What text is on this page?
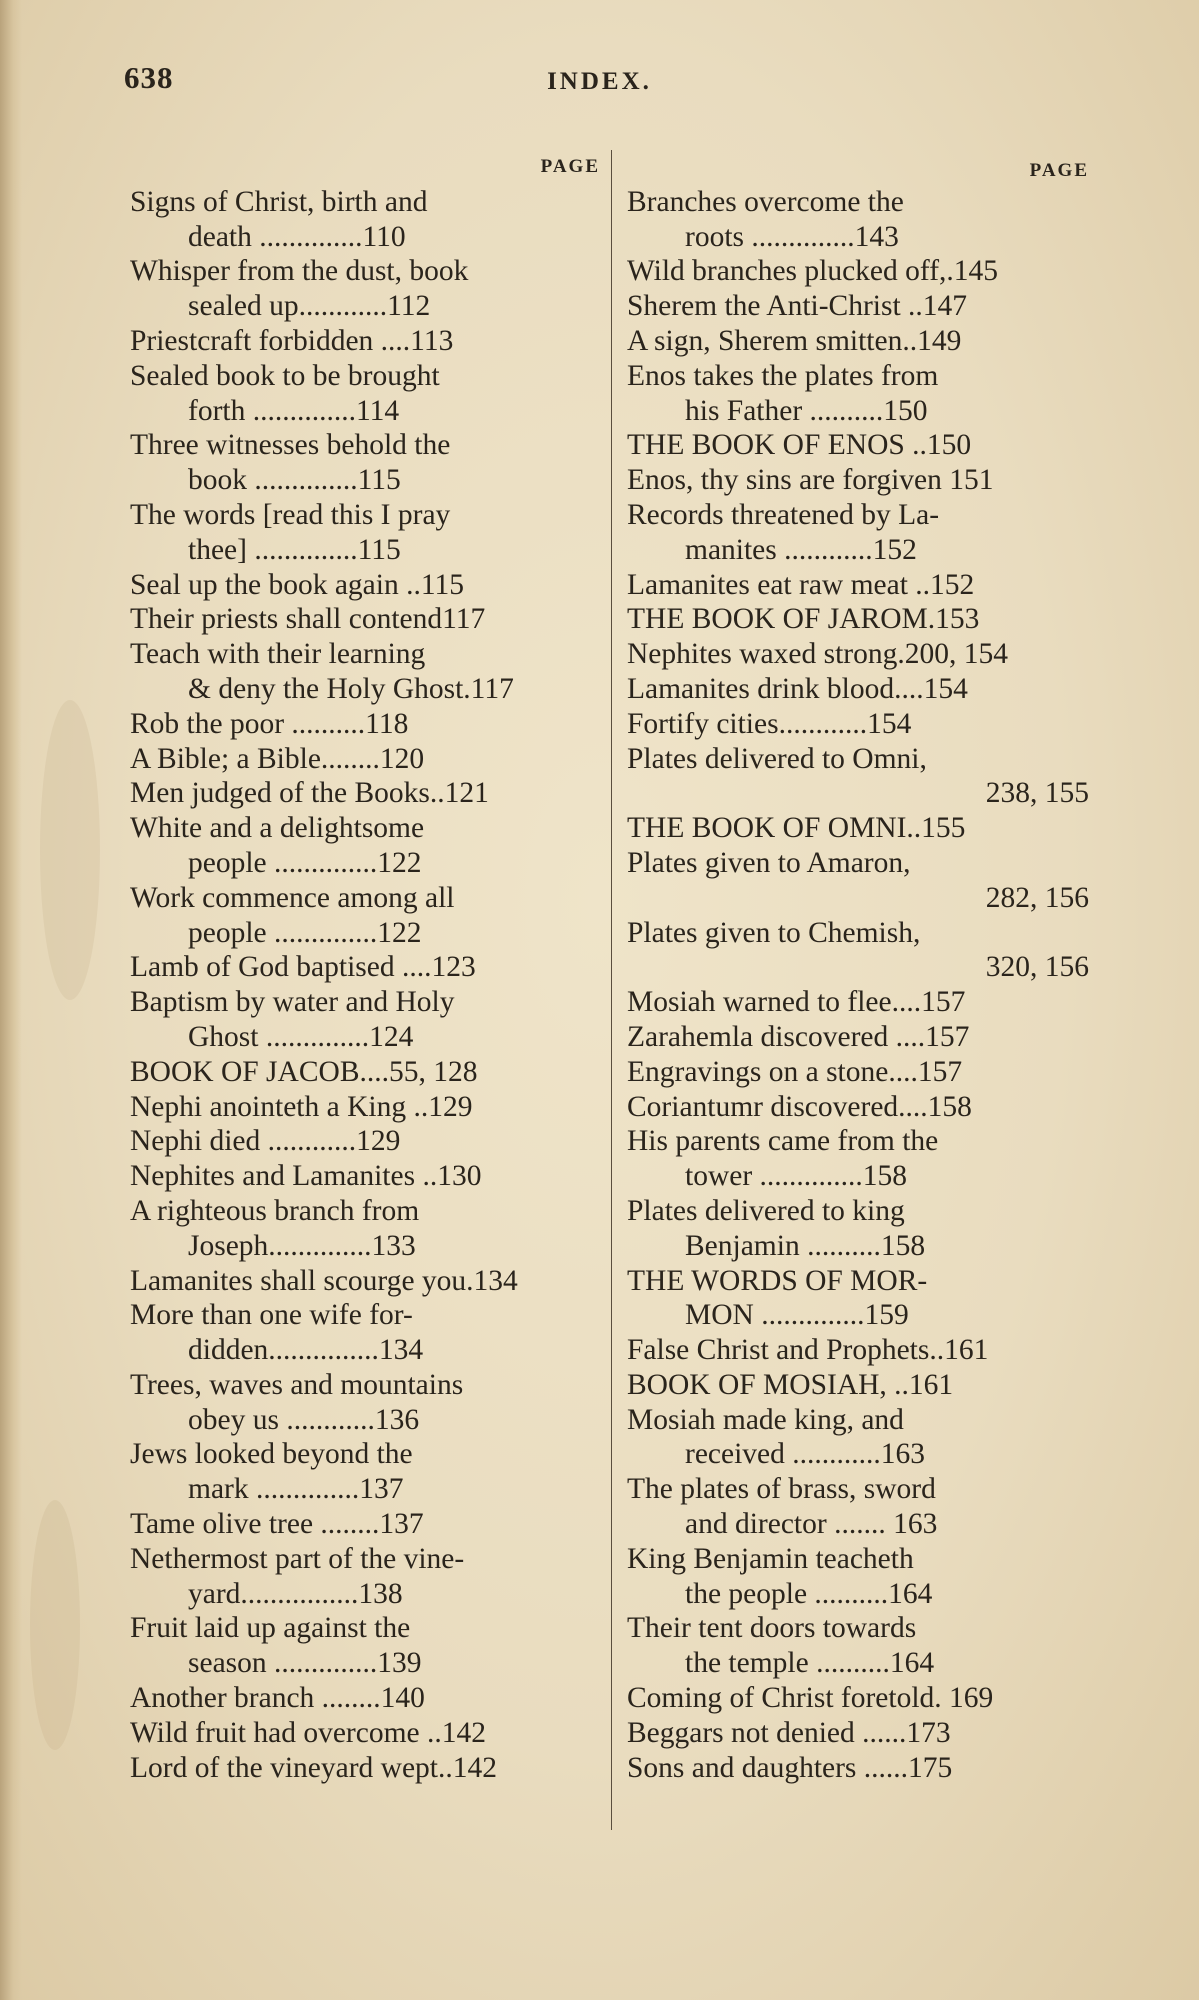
638	INDEX.
PAGE
Signs of Christ, birth and
death ..............110
Whisper from the dust, book
sealed up............112
Priestcraft forbidden ....113
Sealed book to be brought
forth ..............114
Three witnesses behold the
book ..............115
The words [read this I pray
thee] ..............115
Seal up the book again ..115
Their priests shall contend117
Teach with their learning
& deny the Holy Ghost.117
Rob the poor ..........118
A Bible; a Bible........120
Men judged of the Books..121
White and a delightsome
people ..............122
Work commence among all
people ..............122
Lamb of God baptised ....123
Baptism by water and Holy
Ghost ..............124
BOOK OF JACOB....55, 128
Nephi anointeth a King ..129
Nephi died ............129
Nephites and Lamanites ..130
A righteous branch from
Joseph..............133
Lamanites shall scourge you.134
More than one wife for-
didden...............134
Trees, waves and mountains
obey us ............136
Jews looked beyond the
mark ..............137
Tame olive tree ........137
Nethermost part of the vine-
yard................138
Fruit laid up against the
season ..............139
Another branch ........140
Wild fruit had overcome ..142
Lord of the vineyard wept..142
PAGE
Branches overcome the
roots ..............143
Wild branches plucked off,.145
Sherem the Anti-Christ ..147
A sign, Sherem smitten..149
Enos takes the plates from
his Father ..........150
THE BOOK OF ENOS ..150
Enos, thy sins are forgiven 151
Records threatened by La-
manites ............152
Lamanites eat raw meat ..152
THE BOOK OF JAROM.153
Nephites waxed strong.200, 154
Lamanites drink blood....154
Fortify cities............154
Plates delivered to Omni,
238, 155
THE BOOK OF OMNI..155
Plates given to Amaron,
282, 156
Plates given to Chemish,
320, 156
Mosiah warned to flee....157
Zarahemla discovered ....157
Engravings on a stone....157
Coriantumr discovered....158
His parents came from the
tower ..............158
Plates delivered to king
Benjamin ..........158
THE WORDS OF MOR-
MON ..............159
False Christ and Prophets..161
BOOK OF MOSIAH, ..161
Mosiah made king, and
received ............163
The plates of brass, sword
and director ....... 163
King Benjamin teacheth
the people ..........164
Their tent doors towards
the temple ..........164
Coming of Christ foretold. 169
Beggars not denied ......173
Sons and daughters ......175
